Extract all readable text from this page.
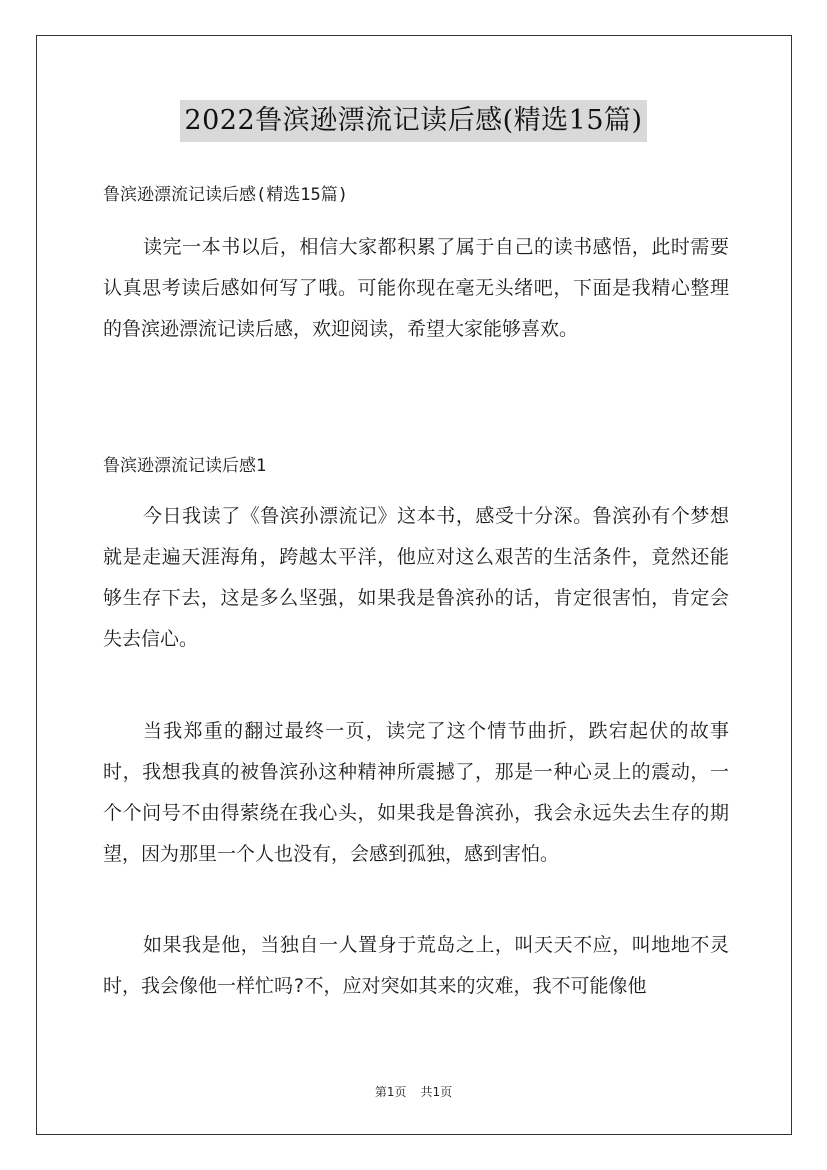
2022鲁滨逊漂流记读后感(精选15篇)
鲁滨逊漂流记读后感(精选15篇)

读完一本书以后，相信大家都积累了属于自己的读书感悟，此时需要认真思考读后感如何写了哦。可能你现在毫无头绪吧，下面是我精心整理的鲁滨逊漂流记读后感，欢迎阅读，希望大家能够喜欢。

鲁滨逊漂流记读后感1

今日我读了《鲁滨孙漂流记》这本书，感受十分深。鲁滨孙有个梦想就是走遍天涯海角，跨越太平洋，他应对这么艰苦的生活条件，竟然还能够生存下去，这是多么坚强，如果我是鲁滨孙的话，肯定很害怕，肯定会失去信心。

当我郑重的翻过最终一页，读完了这个情节曲折，跌宕起伏的故事时，我想我真的被鲁滨孙这种精神所震撼了，那是一种心灵上的震动，一个个问号不由得萦绕在我心头，如果我是鲁滨孙，我会永远失去生存的期望，因为那里一个人也没有，会感到孤独，感到害怕。

如果我是他，当独自一人置身于荒岛之上，叫天天不应，叫地地不灵时，我会像他一样忙吗?不，应对突如其来的灾难，我不可能像他

第1页 共1页
